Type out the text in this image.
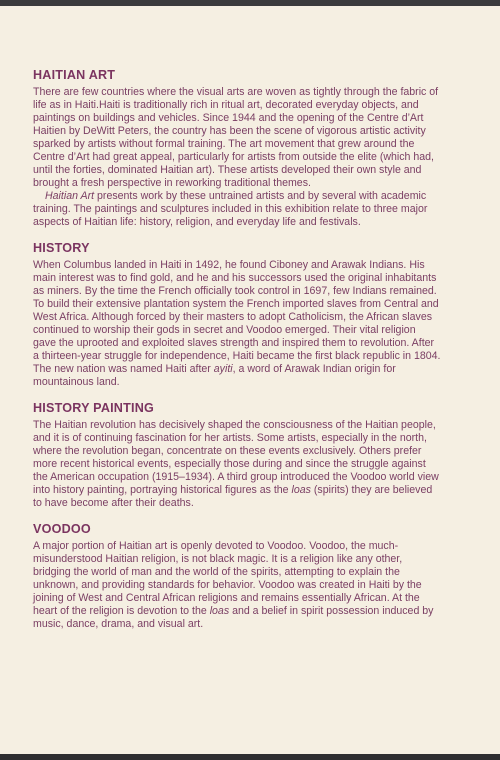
HAITIAN ART

There are few countries where the visual arts are woven as tightly through the fabric of life as in Haiti.Haiti is traditionally rich in ritual art, decorated everyday objects, and paintings on buildings and vehicles. Since 1944 and the opening of the Centre d’Art Haitien by DeWitt Peters, the country has been the scene of vigorous artistic activity sparked by artists without formal training. The art movement that grew around the Centre d’Art had great appeal, particularly for artists from outside the elite (which had, until the forties, dominated Haitian art). These artists developed their own style and brought a fresh perspective in reworking traditional themes.

Haitian Art presents work by these untrained artists and by several with academic training. The paintings and sculptures included in this exhibition relate to three major aspects of Haitian life: history, religion, and everyday life and festivals.

HISTORY

When Columbus landed in Haiti in 1492, he found Ciboney and Arawak Indians. His main interest was to find gold, and he and his successors used the original inhabitants as miners. By the time the French officially took control in 1697, few Indians remained. To build their extensive plantation system the French imported slaves from Central and West Africa. Although forced by their masters to adopt Catholicism, the African slaves continued to worship their gods in secret and Voodoo emerged. Their vital religion gave the uprooted and exploited slaves strength and inspired them to revolution. After a thirteen-year struggle for independence, Haiti became the first black republic in 1804. The new nation was named Haiti after ayiti, a word of Arawak Indian origin for mountainous land.

HISTORY PAINTING

The Haitian revolution has decisively shaped the consciousness of the Haitian people, and it is of continuing fascination for her artists. Some artists, especially in the north, where the revolution began, concentrate on these events exclusively. Others prefer more recent historical events, especially those during and since the struggle against the American occupation (1915–1934). A third group introduced the Voodoo world view into history painting, portraying historical figures as the loas (spirits) they are believed to have become after their deaths.

VOODOO

A major portion of Haitian art is openly devoted to Voodoo. Voodoo, the much-misunderstood Haitian religion, is not black magic. It is a religion like any other, bridging the world of man and the world of the spirits, attempting to explain the unknown, and providing standards for behavior. Voodoo was created in Haiti by the joining of West and Central African religions and remains essentially African. At the heart of the religion is devotion to the loas and a belief in spirit possession induced by music, dance, drama, and visual art.
